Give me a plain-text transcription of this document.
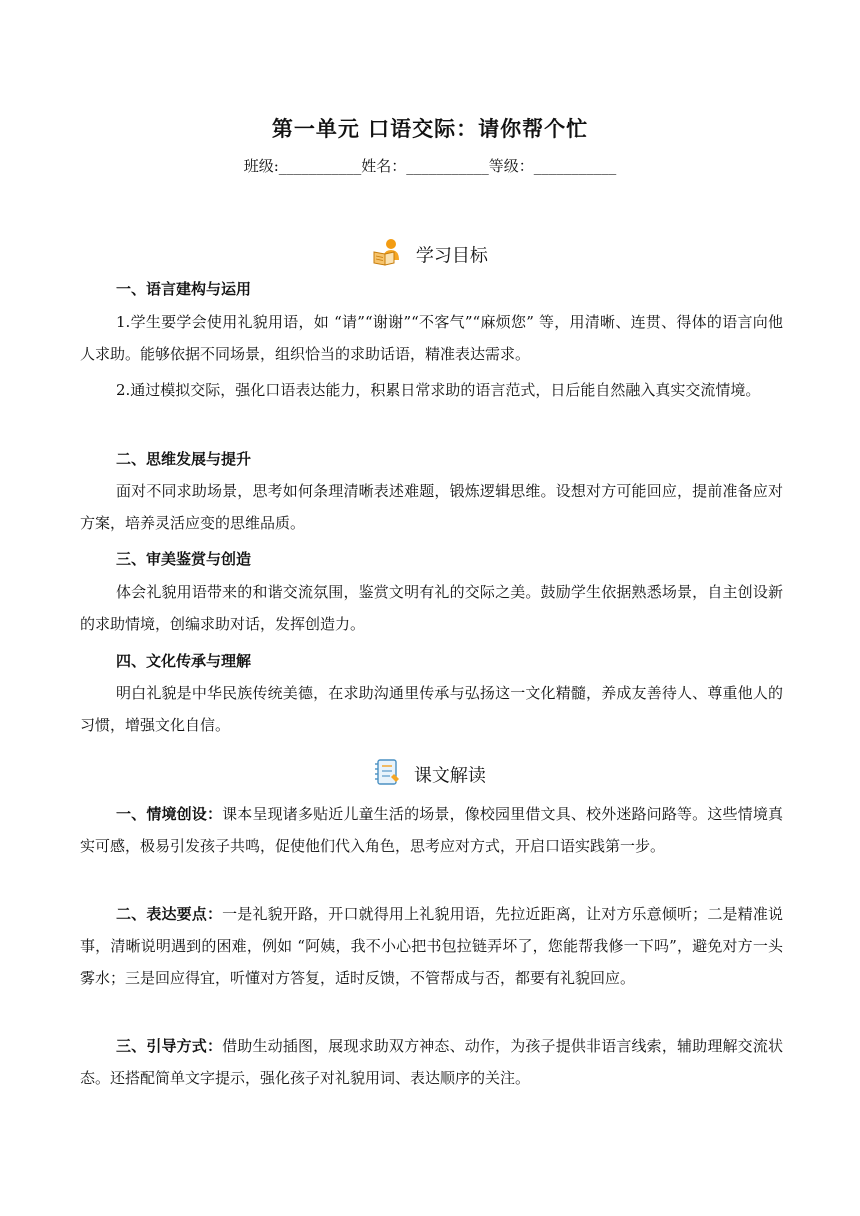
第一单元 口语交际：请你帮个忙
班级:___________姓名：___________等级：___________
学习目标
一、语言建构与运用
1.学生要学会使用礼貌用语，如 “请”“谢谢”“不客气”“麻烦您” 等，用清晰、连贯、得体的语言向他人求助。能够依据不同场景，组织恰当的求助话语，精准表达需求。
2.通过模拟交际，强化口语表达能力，积累日常求助的语言范式，日后能自然融入真实交流情境。
二、思维发展与提升
面对不同求助场景，思考如何条理清晰表述难题，锻炼逻辑思维。设想对方可能回应，提前准备应对方案，培养灵活应变的思维品质。
三、审美鉴赏与创造
体会礼貌用语带来的和谐交流氛围，鉴赏文明有礼的交际之美。鼓励学生依据熟悉场景，自主创设新的求助情境，创编求助对话，发挥创造力。
四、文化传承与理解
明白礼貌是中华民族传统美德，在求助沟通里传承与弘扬这一文化精髓，养成友善待人、尊重他人的习惯，增强文化自信。
课文解读
一、情境创设：课本呈现诸多贴近儿童生活的场景，像校园里借文具、校外迷路问路等。这些情境真实可感，极易引发孩子共鸣，促使他们代入角色，思考应对方式，开启口语实践第一步。
二、表达要点：一是礼貌开路，开口就得用上礼貌用语，先拉近距离，让对方乐意倾听；二是精准说事，清晰说明遇到的困难，例如 “阿姨，我不小心把书包拉链弄坏了，您能帮我修一下吗”，避免对方一头雾水；三是回应得宜，听懂对方答复，适时反馈，不管帮成与否，都要有礼貌回应。
三、引导方式：借助生动插图，展现求助双方神态、动作，为孩子提供非语言线索，辅助理解交流状态。还搭配简单文字提示，强化孩子对礼貌用词、表达顺序的关注。
